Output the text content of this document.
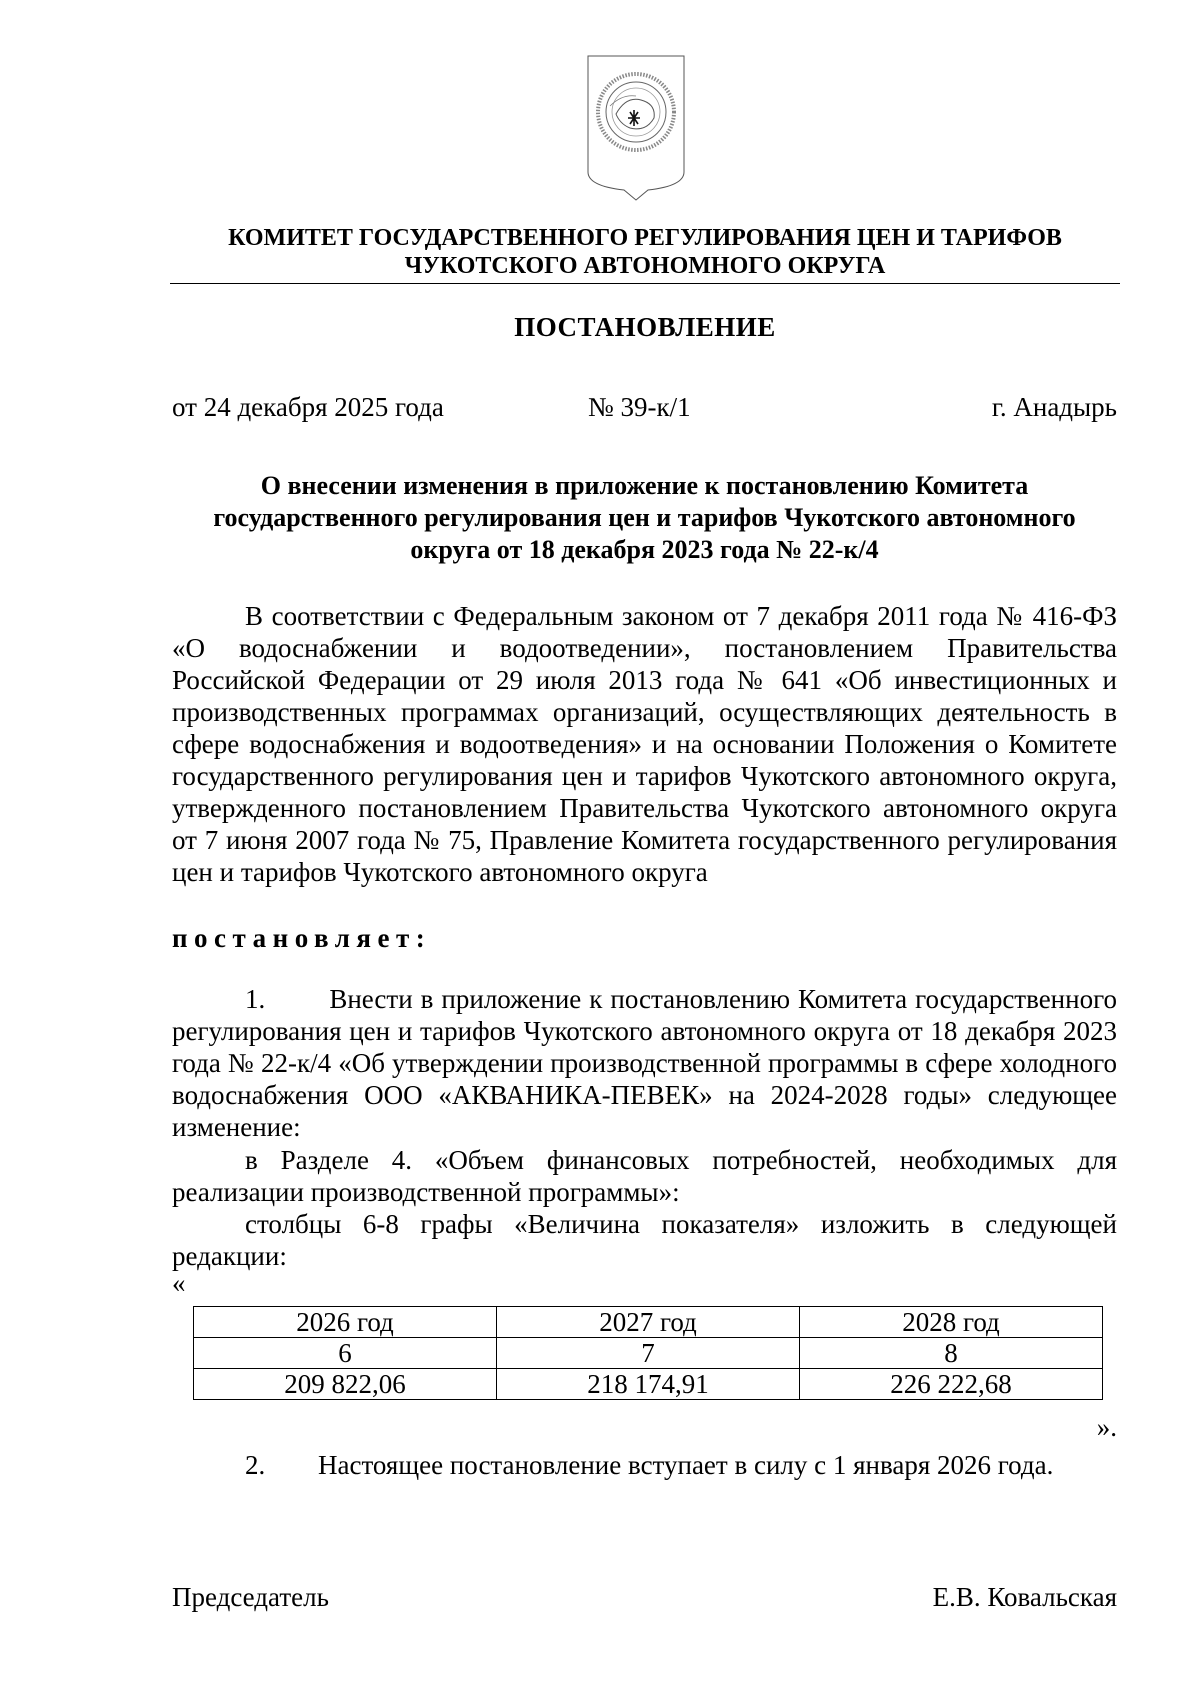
КОМИТЕТ ГОСУДАРСТВЕННОГО РЕГУЛИРОВАНИЯ ЦЕН И ТАРИФОВ
ЧУКОТСКОГО АВТОНОМНОГО ОКРУГА
ПОСТАНОВЛЕНИЕ
от 24 декабря 2025 года	№ 39-к/1	г. Анадырь
О внесении изменения в приложение к постановлению Комитета государственного регулирования цен и тарифов Чукотского автономного округа от 18 декабря 2023 года № 22-к/4
В соответствии с Федеральным законом от 7 декабря 2011 года № 416-ФЗ «О водоснабжении и водоотведении», постановлением Правительства Российской Федерации от 29 июля 2013 года № 641 «Об инвестиционных и производственных программах организаций, осуществляющих деятельность в сфере водоснабжения и водоотведения» и на основании Положения о Комитете государственного регулирования цен и тарифов Чукотского автономного округа, утвержденного постановлением Правительства Чукотского автономного округа от 7 июня 2007 года № 75, Правление Комитета государственного регулирования цен и тарифов Чукотского автономного округа
постановляет:
1.        Внести в приложение к постановлению Комитета государственного регулирования цен и тарифов Чукотского автономного округа от 18 декабря 2023 года № 22-к/4 «Об утверждении производственной программы в сфере холодного водоснабжения ООО «АКВАНИКА-ПЕВЕК» на 2024-2028 годы» следующее изменение:
в Разделе 4. «Объем финансовых потребностей, необходимых для реализации производственной программы»:
столбцы 6-8 графы «Величина показателя» изложить в следующей редакции:
«
2026 год	2027 год	2028 год
6	7	8
209 822,06	218 174,91	226 222,68
».
2. Настоящее постановление вступает в силу с 1 января 2026 года.
Председатель	Е.В. Ковальская
